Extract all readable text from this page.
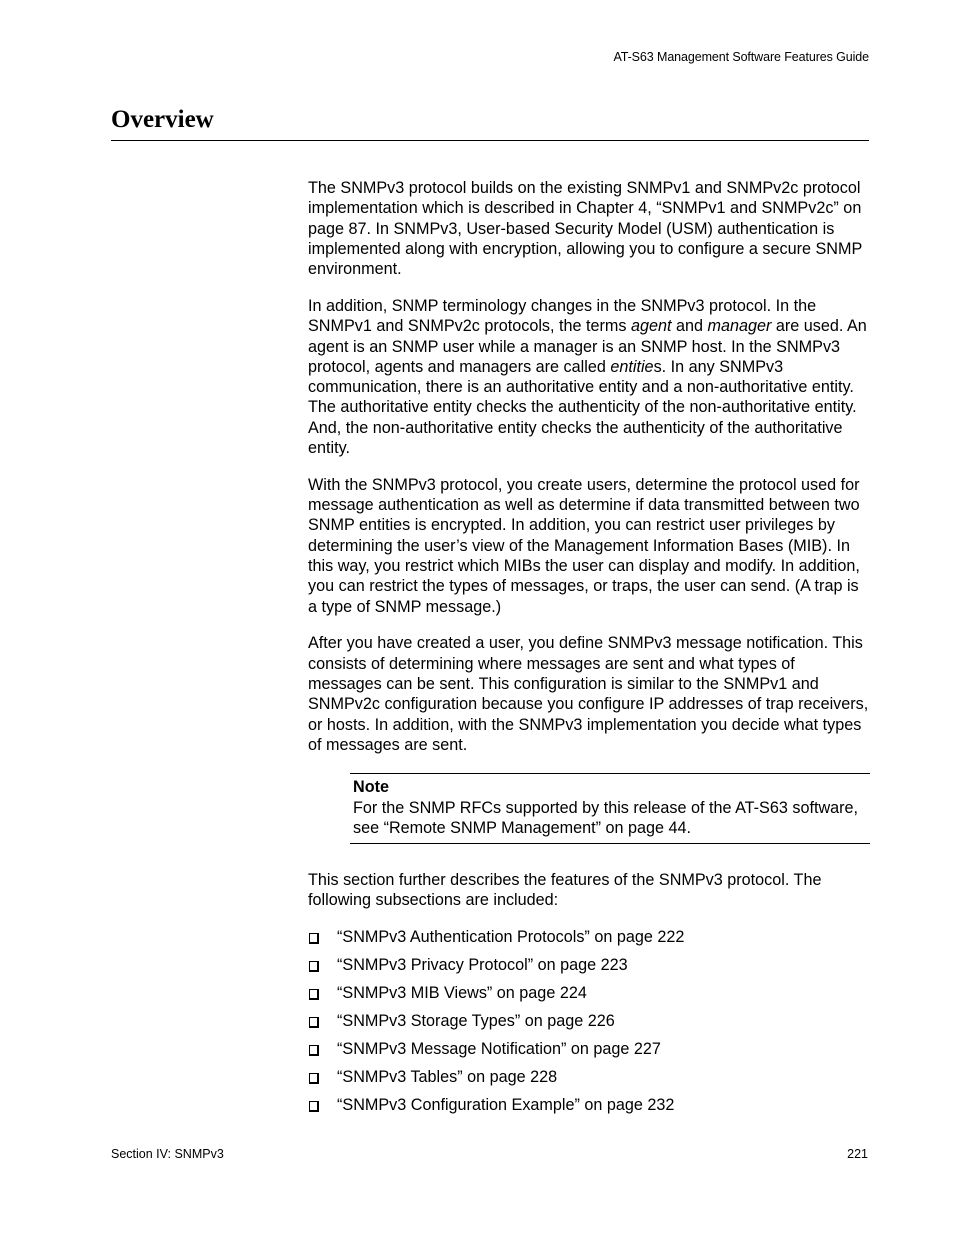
AT-S63 Management Software Features Guide
Overview

The SNMPv3 protocol builds on the existing SNMPv1 and SNMPv2c protocol implementation which is described in Chapter 4, “SNMPv1 and SNMPv2c” on page 87. In SNMPv3, User-based Security Model (USM) authentication is implemented along with encryption, allowing you to configure a secure SNMP environment.

In addition, SNMP terminology changes in the SNMPv3 protocol. In the SNMPv1 and SNMPv2c protocols, the terms agent and manager are used. An agent is an SNMP user while a manager is an SNMP host. In the SNMPv3 protocol, agents and managers are called entities. In any SNMPv3 communication, there is an authoritative entity and a non-authoritative entity. The authoritative entity checks the authenticity of the non-authoritative entity. And, the non-authoritative entity checks the authenticity of the authoritative entity.

With the SNMPv3 protocol, you create users, determine the protocol used for message authentication as well as determine if data transmitted between two SNMP entities is encrypted. In addition, you can restrict user privileges by determining the user’s view of the Management Information Bases (MIB). In this way, you restrict which MIBs the user can display and modify. In addition, you can restrict the types of messages, or traps, the user can send. (A trap is a type of SNMP message.)

After you have created a user, you define SNMPv3 message notification. This consists of determining where messages are sent and what types of messages can be sent. This configuration is similar to the SNMPv1 and SNMPv2c configuration because you configure IP addresses of trap receivers, or hosts. In addition, with the SNMPv3 implementation you decide what types of messages are sent.

Note
For the SNMP RFCs supported by this release of the AT-S63 software, see “Remote SNMP Management” on page 44.

This section further describes the features of the SNMPv3 protocol. The following subsections are included:

“SNMPv3 Authentication Protocols” on page 222
“SNMPv3 Privacy Protocol” on page 223
“SNMPv3 MIB Views” on page 224
“SNMPv3 Storage Types” on page 226
“SNMPv3 Message Notification” on page 227
“SNMPv3 Tables” on page 228
“SNMPv3 Configuration Example” on page 232
Section IV: SNMPv3	221
